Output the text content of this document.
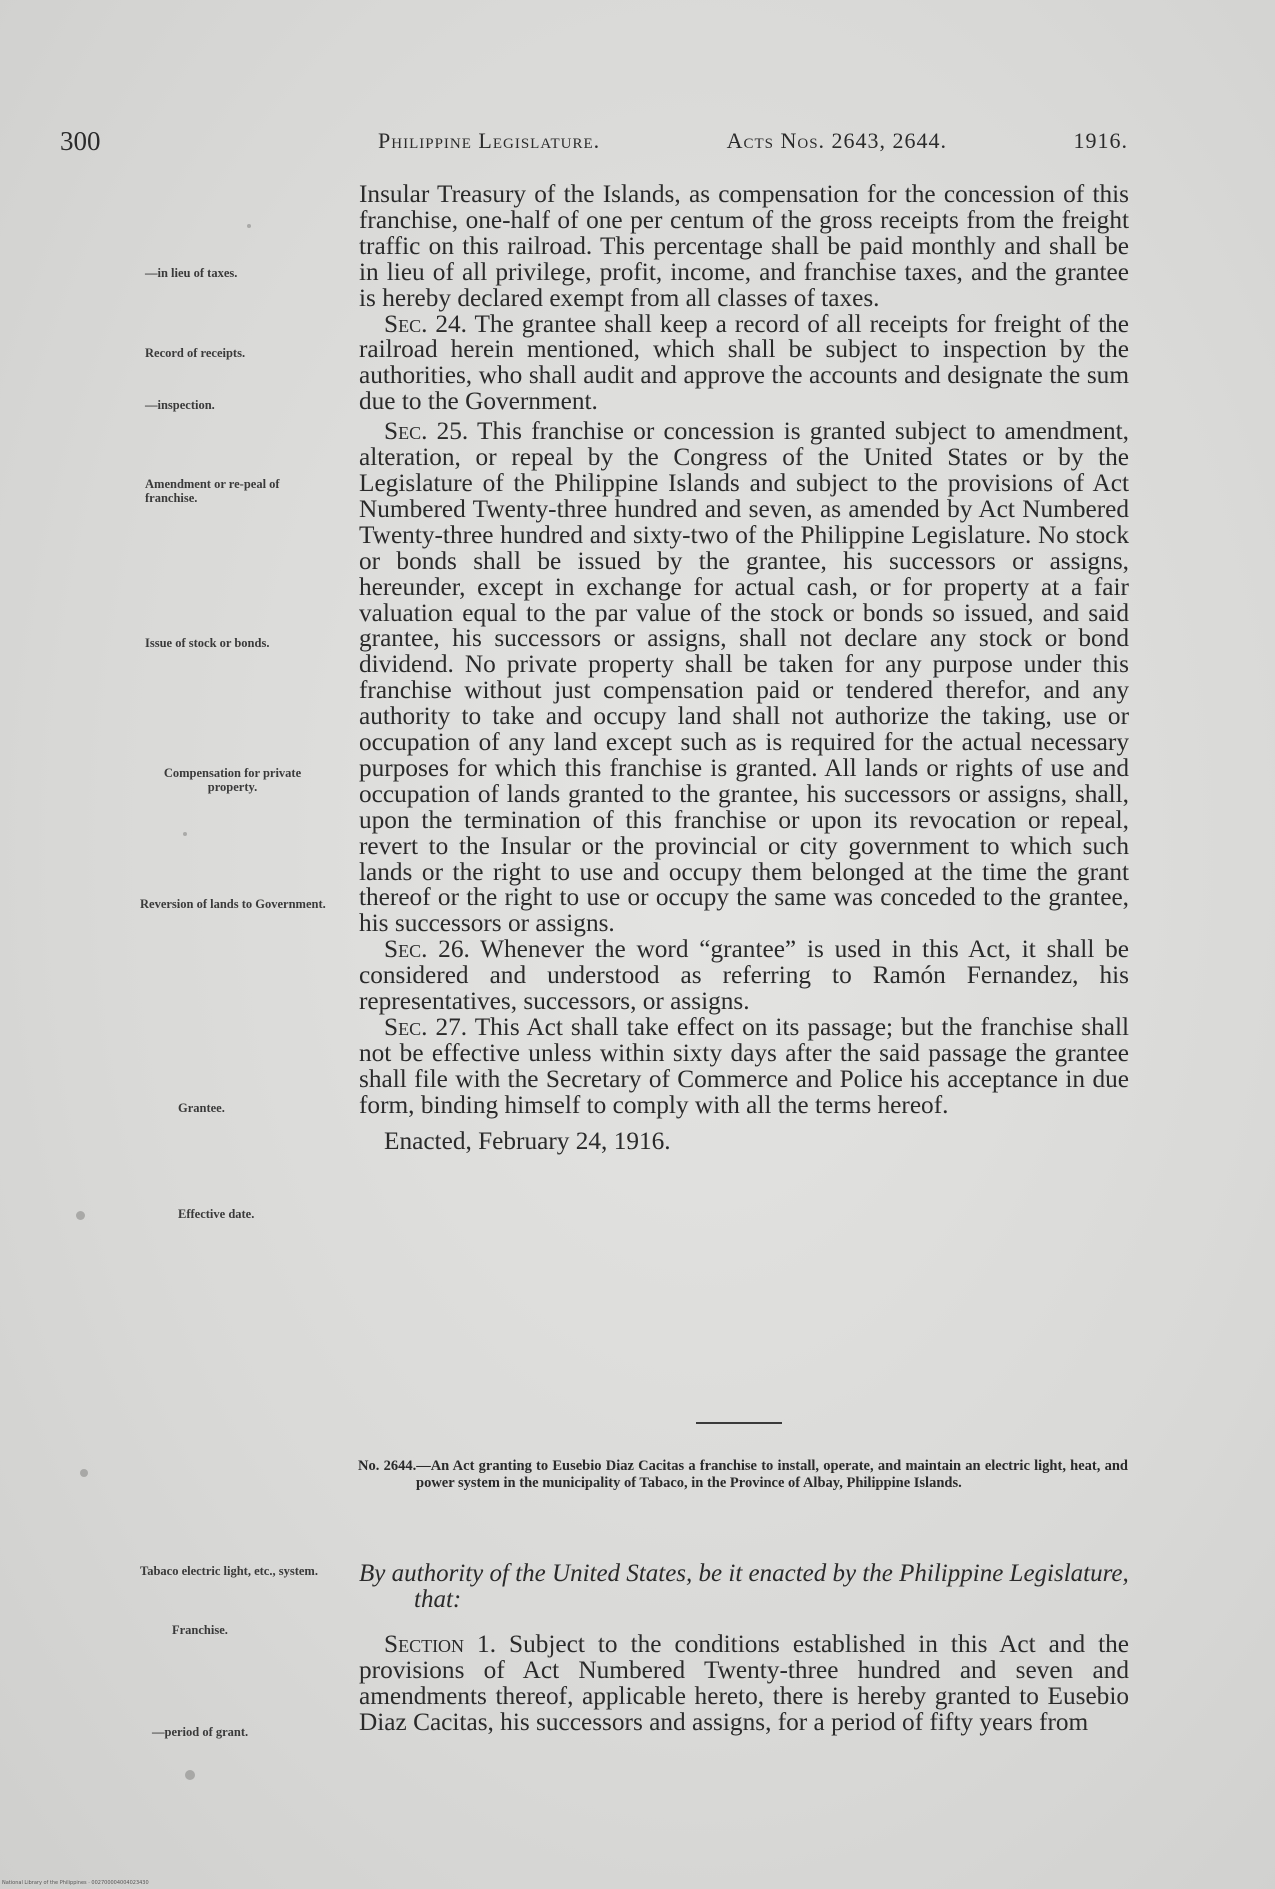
300	Philippine Legislature.	Acts Nos. 2643, 2644.	1916.
—in lieu of taxes.
Record of receipts.
—inspection.
Amendment or re-peal of franchise.
Issue of stock or bonds.
Compensation for private property.
Reversion of lands to Government.
Grantee.
Effective date.
Tabaco electric light, etc., system.
Franchise.
—period of grant.

Insular Treasury of the Islands, as compensation for the concession of this franchise, one-half of one per centum of the gross receipts from the freight traffic on this railroad. This percentage shall be paid monthly and shall be in lieu of all privilege, profit, income, and franchise taxes, and the grantee is hereby declared exempt from all classes of taxes.

Sec. 24. The grantee shall keep a record of all receipts for freight of the railroad herein mentioned, which shall be subject to inspection by the authorities, who shall audit and approve the accounts and designate the sum due to the Government.

Sec. 25. This franchise or concession is granted subject to amendment, alteration, or repeal by the Congress of the United States or by the Legislature of the Philippine Islands and subject to the provisions of Act Numbered Twenty-three hundred and seven, as amended by Act Numbered Twenty-three hundred and sixty-two of the Philippine Legislature. No stock or bonds shall be issued by the grantee, his successors or assigns, hereunder, except in exchange for actual cash, or for property at a fair valuation equal to the par value of the stock or bonds so issued, and said grantee, his successors or assigns, shall not declare any stock or bond dividend. No private property shall be taken for any purpose under this franchise without just compensation paid or tendered therefor, and any authority to take and occupy land shall not authorize the taking, use or occupation of any land except such as is required for the actual necessary purposes for which this franchise is granted. All lands or rights of use and occupation of lands granted to the grantee, his successors or assigns, shall, upon the termination of this franchise or upon its revocation or repeal, revert to the Insular or the provincial or city government to which such lands or the right to use and occupy them belonged at the time the grant thereof or the right to use or occupy the same was conceded to the grantee, his successors or assigns.

Sec. 26. Whenever the word “grantee” is used in this Act, it shall be considered and understood as referring to Ramón Fernandez, his representatives, successors, or assigns.

Sec. 27. This Act shall take effect on its passage; but the franchise shall not be effective unless within sixty days after the said passage the grantee shall file with the Secretary of Commerce and Police his acceptance in due form, binding himself to comply with all the terms hereof.

Enacted, February 24, 1916.

No. 2644.—An Act granting to Eusebio Diaz Cacitas a franchise to install, operate, and maintain an electric light, heat, and power system in the municipality of Tabaco, in the Province of Albay, Philippine Islands.
By authority of the United States, be it enacted by the Philippine Legislature, that:

Section 1. Subject to the conditions established in this Act and the provisions of Act Numbered Twenty-three hundred and seven and amendments thereof, applicable hereto, there is hereby granted to Eusebio Diaz Cacitas, his successors and assigns, for a period of fifty years from

National Library of the Philippines · 002700004004023430
